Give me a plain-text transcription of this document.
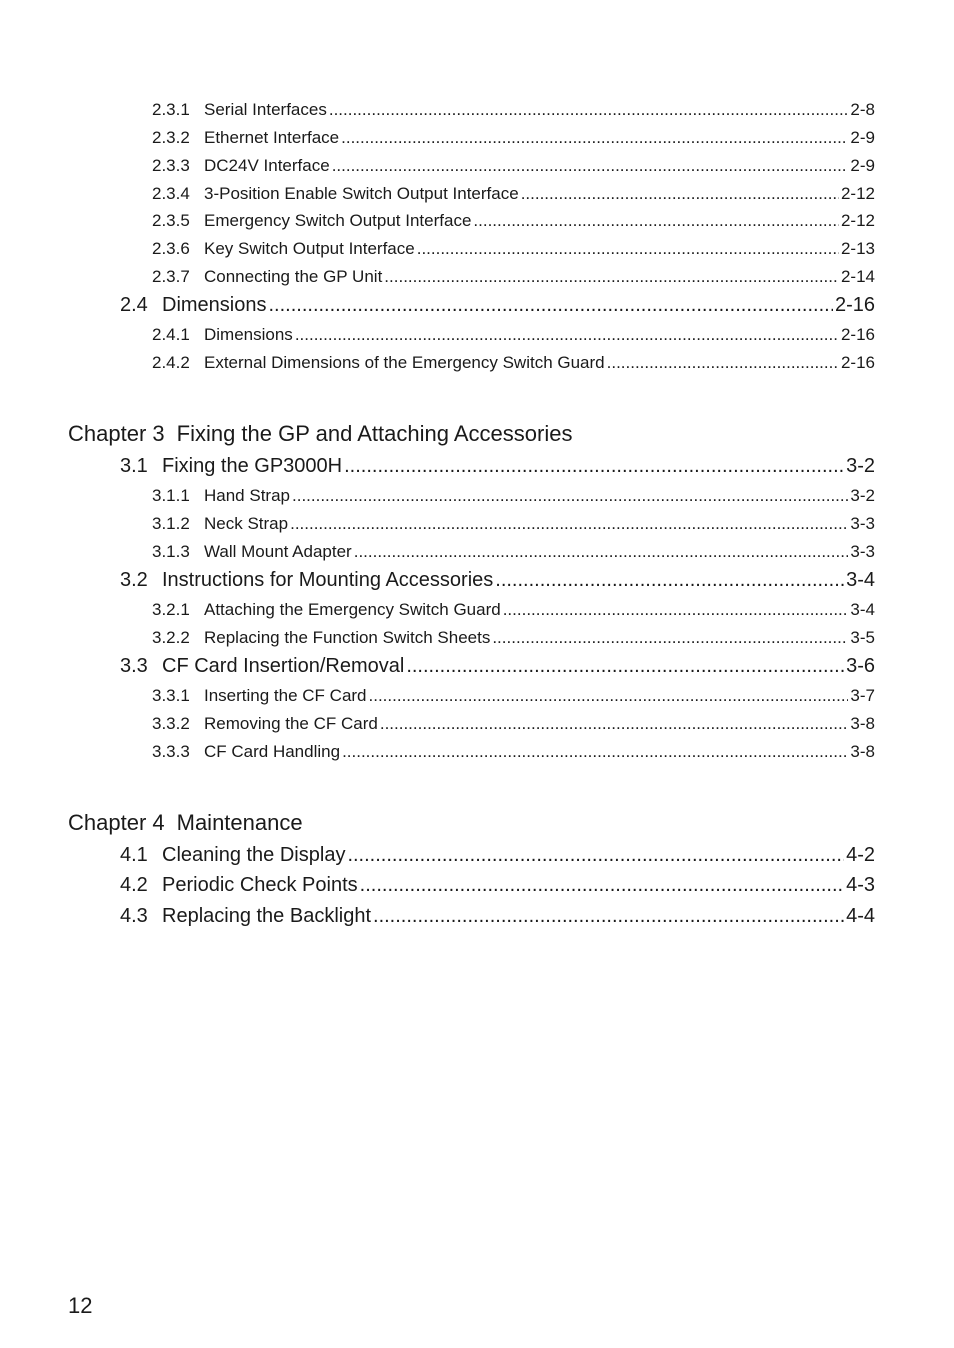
2.3.1 Serial Interfaces .....	2-8
2.3.2 Ethernet Interface .....	2-9
2.3.3 DC24V Interface .....	2-9
2.3.4 3-Position Enable Switch Output Interface .....	2-12
2.3.5 Emergency Switch Output Interface .....	2-12
2.3.6 Key Switch Output Interface .....	2-13
2.3.7 Connecting the GP Unit .....	2-14
2.4 Dimensions .....	2-16
2.4.1 Dimensions .....	2-16
2.4.2 External Dimensions of the Emergency Switch Guard .....	2-16
Chapter 3 Fixing the GP and Attaching Accessories
3.1 Fixing the GP3000H .....	3-2
3.1.1 Hand Strap .....	3-2
3.1.2 Neck Strap .....	3-3
3.1.3 Wall Mount Adapter .....	3-3
3.2 Instructions for Mounting Accessories .....	3-4
3.2.1 Attaching the Emergency Switch Guard .....	3-4
3.2.2 Replacing the Function Switch Sheets .....	3-5
3.3 CF Card Insertion/Removal .....	3-6
3.3.1 Inserting the CF Card .....	3-7
3.3.2 Removing the CF Card .....	3-8
3.3.3 CF Card Handling .....	3-8
Chapter 4 Maintenance
4.1 Cleaning the Display .....	4-2
4.2 Periodic Check Points .....	4-3
4.3 Replacing the Backlight .....	4-4
12
